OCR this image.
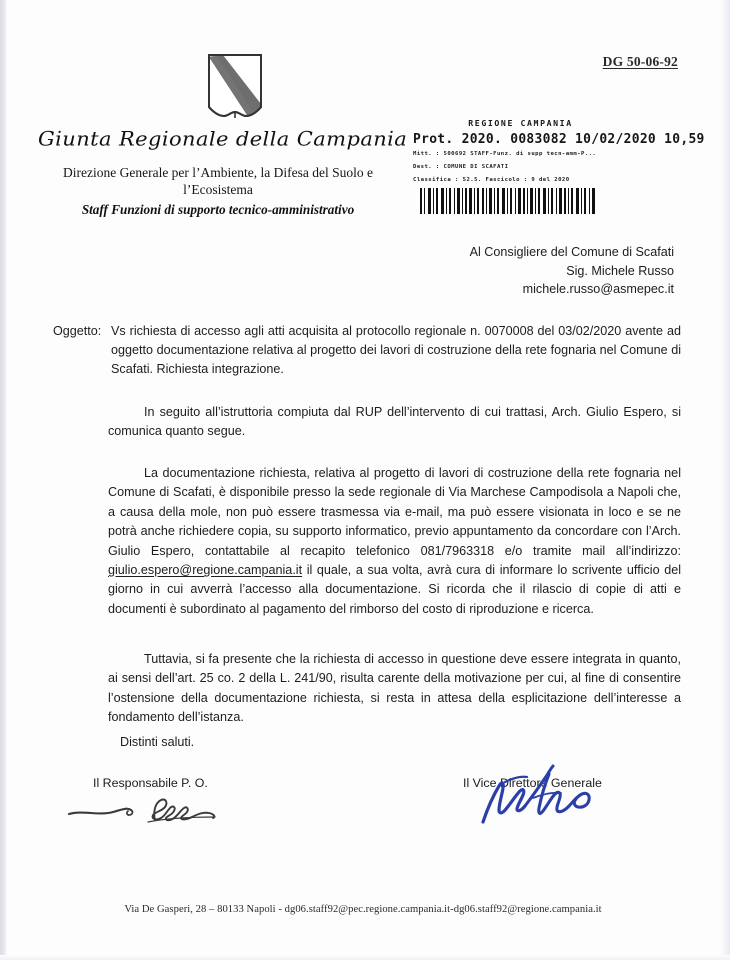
DG 50-06-92
Giunta Regionale della Campania
Direzione Generale per l’Ambiente, la Difesa del Suolo e
l’Ecosistema
Staff Funzioni di supporto tecnico-amministrativo
REGIONE CAMPANIA
Prot. 2020. 0083082 10/02/2020 10,59
Mitt. : 500692 STAFF-Funz. di supp tecn-amm-P...
Dest. : COMUNE DI SCAFATI
Classifica : 52.5. Fascicolo : 9 del 2020
Al Consigliere del Comune di Scafati
Sig. Michele Russo
michele.russo@asmepec.it
Oggetto: Vs richiesta di accesso agli atti acquisita al protocollo regionale n. 0070008 del 03/02/2020 avente ad oggetto documentazione relativa al progetto dei lavori di costruzione della rete fognaria nel Comune di Scafati. Richiesta integrazione.
In seguito all’istruttoria compiuta dal RUP dell’intervento di cui trattasi, Arch. Giulio Espero, si comunica quanto segue.
La documentazione richiesta, relativa al progetto di lavori di costruzione della rete fognaria nel Comune di Scafati, è disponibile presso la sede regionale di Via Marchese Campodisola a Napoli che, a causa della mole, non può essere trasmessa via e-mail, ma può essere visionata in loco e se ne potrà anche richiedere copia, su supporto informatico, previo appuntamento da concordare con l’Arch. Giulio Espero, contattabile al recapito telefonico 081/7963318 e/o tramite mail all’indirizzo: giulio.espero@regione.campania.it il quale, a sua volta, avrà cura di informare lo scrivente ufficio del giorno in cui avverrà l’accesso alla documentazione. Si ricorda che il rilascio di copie di atti e documenti è subordinato al pagamento del rimborso del costo di riproduzione e ricerca.
Tuttavia, si fa presente che la richiesta di accesso in questione deve essere integrata in quanto, ai sensi dell’art. 25 co. 2 della L. 241/90, risulta carente della motivazione per cui, al fine di consentire l’ostensione della documentazione richiesta, si resta in attesa della esplicitazione dell’interesse a fondamento dell’istanza.
Distinti saluti.
Il Responsabile P. O.	Il Vice Direttore Generale
Via De Gasperi, 28 – 80133 Napoli - dg06.staff92@pec.regione.campania.it-dg06.staff92@regione.campania.it
